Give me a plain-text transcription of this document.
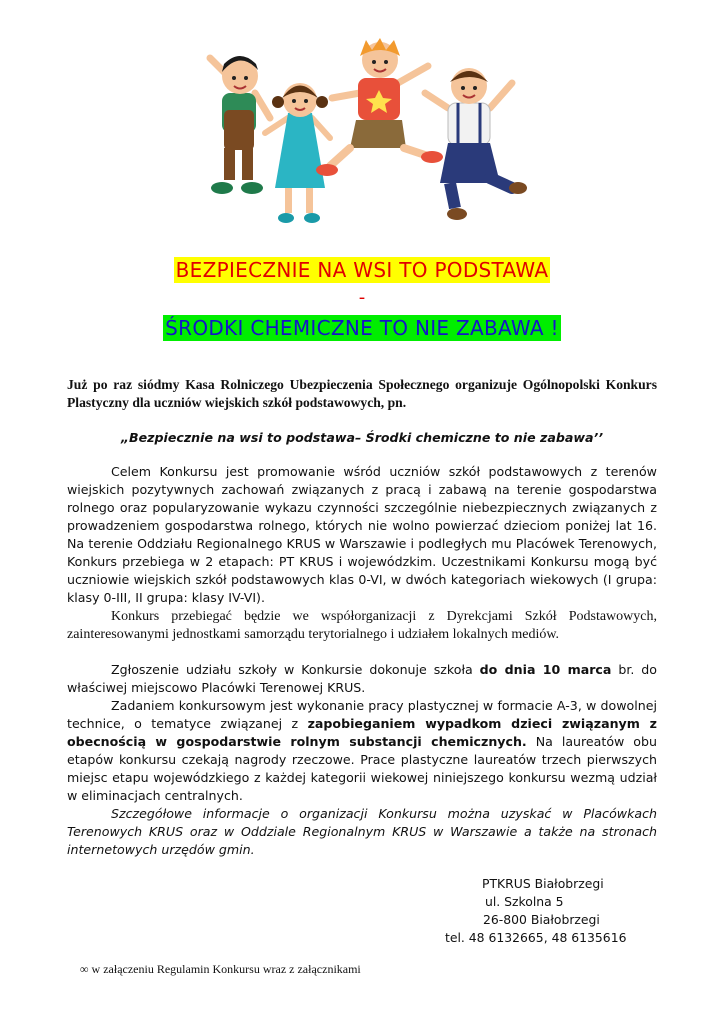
BEZPIECZNIE NA WSI TO PODSTAWA
-
ŚRODKI CHEMICZNE TO NIE ZABAWA !

Już po raz siódmy Kasa Rolniczego Ubezpieczenia Społecznego organizuje Ogólnopolski Konkurs Plastyczny dla uczniów wiejskich szkół podstawowych, pn.

„Bezpiecznie na wsi to podstawa– Środki chemiczne to nie zabawa’’

Celem Konkursu jest promowanie wśród uczniów szkół podstawowych z terenów wiejskich pozytywnych zachowań związanych z pracą i zabawą na terenie gospodarstwa rolnego oraz popularyzowanie wykazu czynności szczególnie niebezpiecznych związanych z prowadzeniem gospodarstwa rolnego, których nie wolno powierzać dzieciom poniżej lat 16. Na terenie Oddziału Regionalnego KRUS w Warszawie i podległych mu Placówek Terenowych, Konkurs przebiega w 2 etapach: PT KRUS i wojewódzkim. Uczestnikami Konkursu mogą być uczniowie wiejskich szkół podstawowych klas 0-VI, w dwóch kategoriach wiekowych (I grupa: klasy 0-III, II grupa: klasy IV-VI).

Konkurs przebiegać będzie we współorganizacji z Dyrekcjami Szkół Podstawowych, zainteresowanymi jednostkami samorządu terytorialnego i udziałem lokalnych mediów.

Zgłoszenie udziału szkoły w Konkursie dokonuje szkoła do dnia 10 marca br. do właściwej miejscowo Placówki Terenowej KRUS.

Zadaniem konkursowym jest wykonanie pracy plastycznej w formacie A-3, w dowolnej technice, o tematyce związanej z zapobieganiem wypadkom dzieci związanym z obecnością w gospodarstwie rolnym substancji chemicznych. Na laureatów obu etapów konkursu czekają nagrody rzeczowe. Prace plastyczne laureatów trzech pierwszych miejsc etapu wojewódzkiego z każdej kategorii wiekowej niniejszego konkursu wezmą udział w eliminacjach centralnych.

Szczegółowe informacje o organizacji Konkursu można uzyskać w Placówkach Terenowych KRUS oraz w Oddziale Regionalnym KRUS w Warszawie a także na stronach internetowych urzędów gmin.

PTKRUS Białobrzegi
ul. Szkolna 5
26-800 Białobrzegi
tel. 48 6132665, 48 6135616
∞ w załączeniu Regulamin Konkursu wraz z załącznikami
